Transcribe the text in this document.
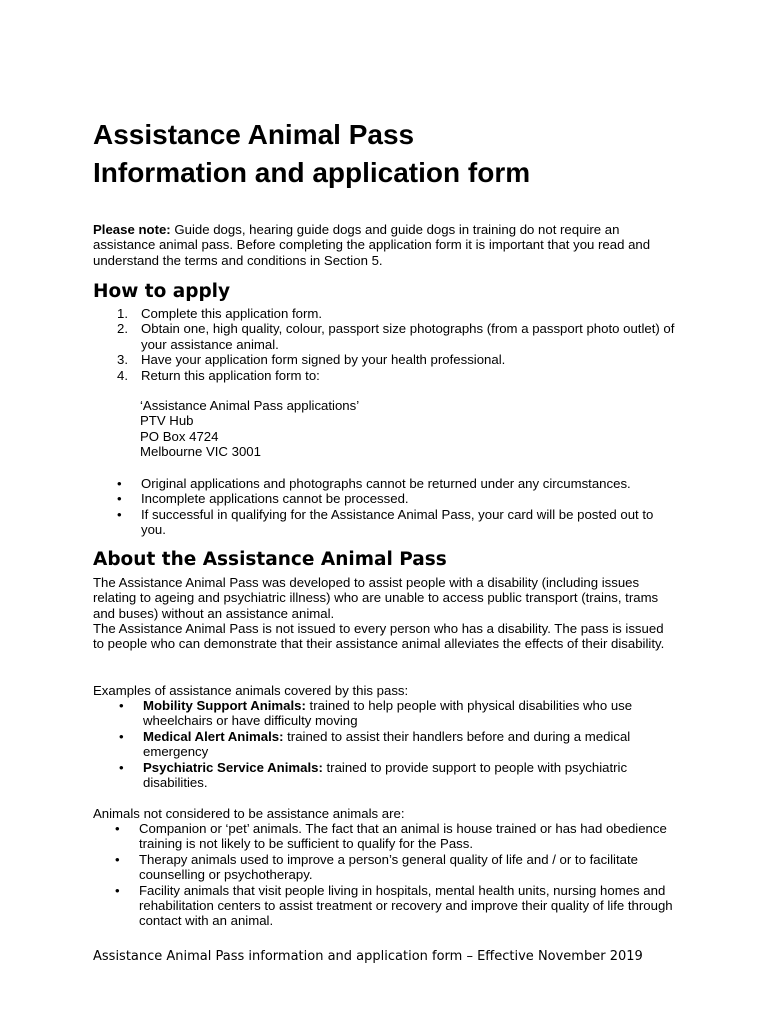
Assistance Animal Pass
Information and application form

Please note: Guide dogs, hearing guide dogs and guide dogs in training do not require an assistance animal pass. Before completing the application form it is important that you read and understand the terms and conditions in Section 5.

How to apply
1. Complete this application form.
2. Obtain one, high quality, colour, passport size photographs (from a passport photo outlet) of your assistance animal.
3. Have your application form signed by your health professional.
4. Return this application form to:
‘Assistance Animal Pass applications’
PTV Hub
PO Box 4724
Melbourne VIC 3001
• Original applications and photographs cannot be returned under any circumstances.
• Incomplete applications cannot be processed.
• If successful in qualifying for the Assistance Animal Pass, your card will be posted out to you.
About the Assistance Animal Pass

The Assistance Animal Pass was developed to assist people with a disability (including issues relating to ageing and psychiatric illness) who are unable to access public transport (trains, trams and buses) without an assistance animal.

The Assistance Animal Pass is not issued to every person who has a disability. The pass is issued to people who can demonstrate that their assistance animal alleviates the effects of their disability.

Examples of assistance animals covered by this pass:

• Mobility Support Animals: trained to help people with physical disabilities who use wheelchairs or have difficulty moving
• Medical Alert Animals: trained to assist their handlers before and during a medical emergency
• Psychiatric Service Animals: trained to provide support to people with psychiatric disabilities.

Animals not considered to be assistance animals are:

• Companion or ‘pet’ animals. The fact that an animal is house trained or has had obedience training is not likely to be sufficient to qualify for the Pass.
• Therapy animals used to improve a person’s general quality of life and / or to facilitate counselling or psychotherapy.
• Facility animals that visit people living in hospitals, mental health units, nursing homes and rehabilitation centers to assist treatment or recovery and improve their quality of life through contact with an animal.

Assistance Animal Pass information and application form – Effective November 2019
